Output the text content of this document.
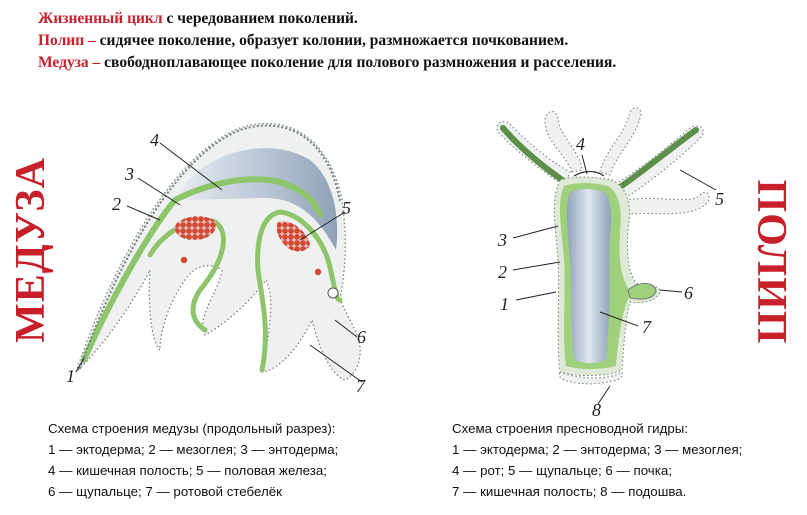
Жизненный цикл с чередованием поколений.
Полип – сидячее поколение, образует колонии, размножается почкованием.
Медуза – свободноплавающее поколение для полового размножения и расселения.
МЕДУЗА	ПОЛИП
1
2
3
4
5
6
7
4
5
3
2
1
6
7
8
Схема строения медузы (продольный разрез):
1 — эктодерма; 2 — мезоглея; 3 — энтодерма;
4 — кишечная полость; 5 — половая железа;
6 — щупальце; 7 — ротовой стебелёк
Схема строения пресноводной гидры:
1 — эктодерма; 2 — энтодерма; 3 — мезоглея;
4 — рот; 5 — щупальце; 6 — почка;
7 — кишечная полость; 8 — подошва.
